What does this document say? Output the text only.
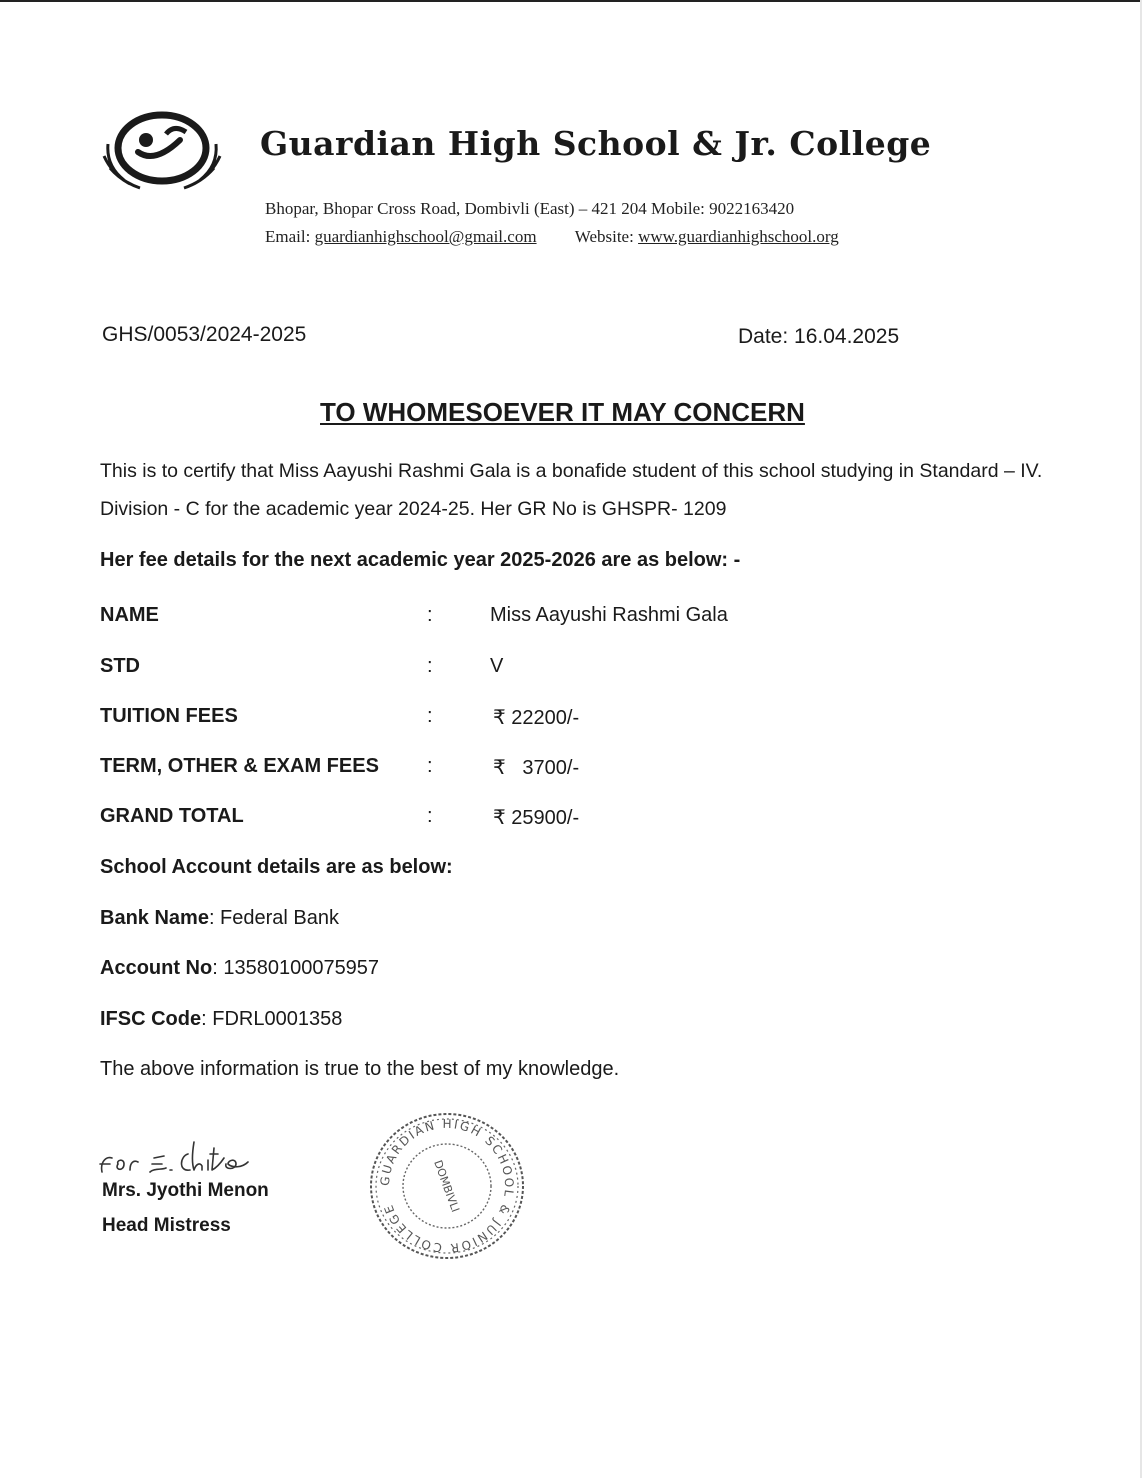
Guardian High School & Jr. College
Bhopar, Bhopar Cross Road, Dombivli (East) – 421 204 Mobile: 9022163420
Email: guardianhighschool@gmail.com Website: www.guardianhighschool.org
GHS/0053/2024-2025	Date: 16.04.2025
TO WHOMESOEVER IT MAY CONCERN

This is to certify that Miss Aayushi Rashmi Gala is a bonafide student of this school studying in Standard – IV. Division - C for the academic year 2024-25. Her GR No is GHSPR- 1209

Her fee details for the next academic year 2025-2026 are as below: -
NAME	:	Miss Aayushi Rashmi Gala
STD	:	V
TUITION FEES	:	₹ 22200/-
TERM, OTHER & EXAM FEES :	₹   3700/-
GRAND TOTAL	:	₹ 25900/-
School Account details are as below:
Bank Name: Federal Bank
Account No: 13580100075957
IFSC Code: FDRL0001358
The above information is true to the best of my knowledge.
Mrs. Jyothi Menon
Head Mistress
GUARDIAN HIGH SCHOOL & JUNIOR COLLEGE	DOMBIVLI
